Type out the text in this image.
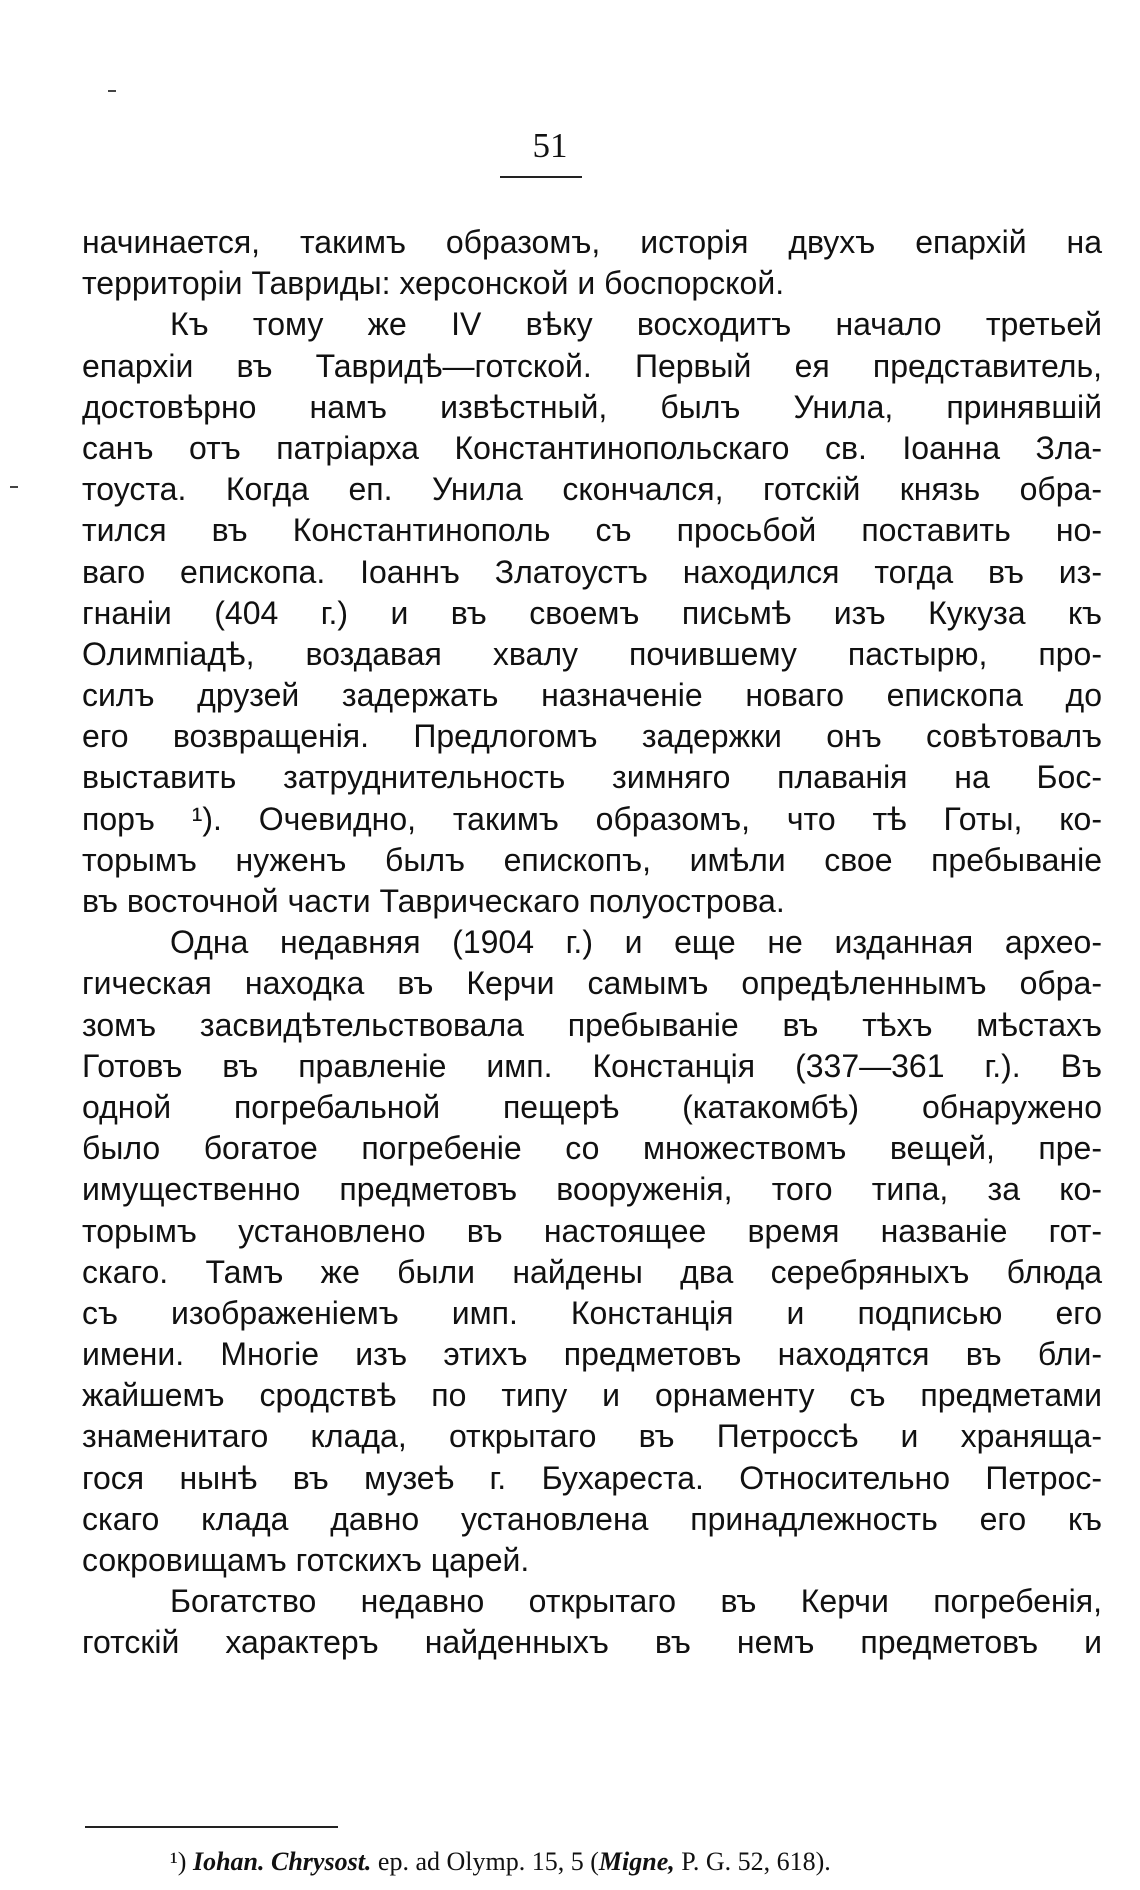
51
начинается, такимъ образомъ, исторія двухъ епархій на
территоріи Тавриды: херсонской и боспорской.
Къ тому же IV вѣку восходитъ начало третьей
епархіи въ Тавридѣ—готской. Первый ея представитель,
достовѣрно намъ извѣстный, былъ Унила, принявшій
санъ отъ патріарха Константинопольскаго св. Іоанна Зла-
тоуста. Когда еп. Унила скончался, готскій князь обра-
тился въ Константинополь съ просьбой поставить но-
ваго епископа. Іоаннъ Златоустъ находился тогда въ из-
гнаніи (404 г.) и въ своемъ письмѣ изъ Кукуза къ
Олимпіадѣ, воздавая хвалу почившему пастырю, про-
силъ друзей задержать назначеніе новаго епископа до
его возвращенія. Предлогомъ задержки онъ совѣтовалъ
выставить затруднительность зимняго плаванія на Бос-
поръ ¹). Очевидно, такимъ образомъ, что тѣ Готы, ко-
торымъ нуженъ былъ епископъ, имѣли свое пребываніе
въ восточной части Таврическаго полуострова.
Одна недавняя (1904 г.) и еще не изданная археo-
гическая находка въ Керчи самымъ опредѣленнымъ обра-
зомъ засвидѣтельствовала пребываніе въ тѣхъ мѣстахъ
Готовъ въ правленіе имп. Констанція (337—361 г.). Въ
одной погребальной пещерѣ (катакомбѣ) обнаружено
было богатое погребеніе со множествомъ вещей, пре-
имущественно предметовъ вооруженія, того типа, за ко-
торымъ установлено въ настоящее время названіе гот-
скаго. Тамъ же были найдены два серебряныхъ блюда
съ изображеніемъ имп. Констанція и подписью его
имени. Многіе изъ этихъ предметовъ находятся въ бли-
жайшемъ сродствѣ по типу и орнаменту съ предметами
знаменитаго клада, открытаго въ Петроссѣ и хранящa-
гося нынѣ въ музеѣ г. Бухареста. Относительно Петрос-
скаго клада давно установлена принадлежность его къ
сокровищамъ готскихъ царей.
Богатство недавно открытаго въ Керчи погребенія,
готскій характеръ найденныхъ въ немъ предметовъ и
¹) Iohan. Chrysost. ep. ad Olymp. 15, 5 (Migne, P. G. 52, 618).
